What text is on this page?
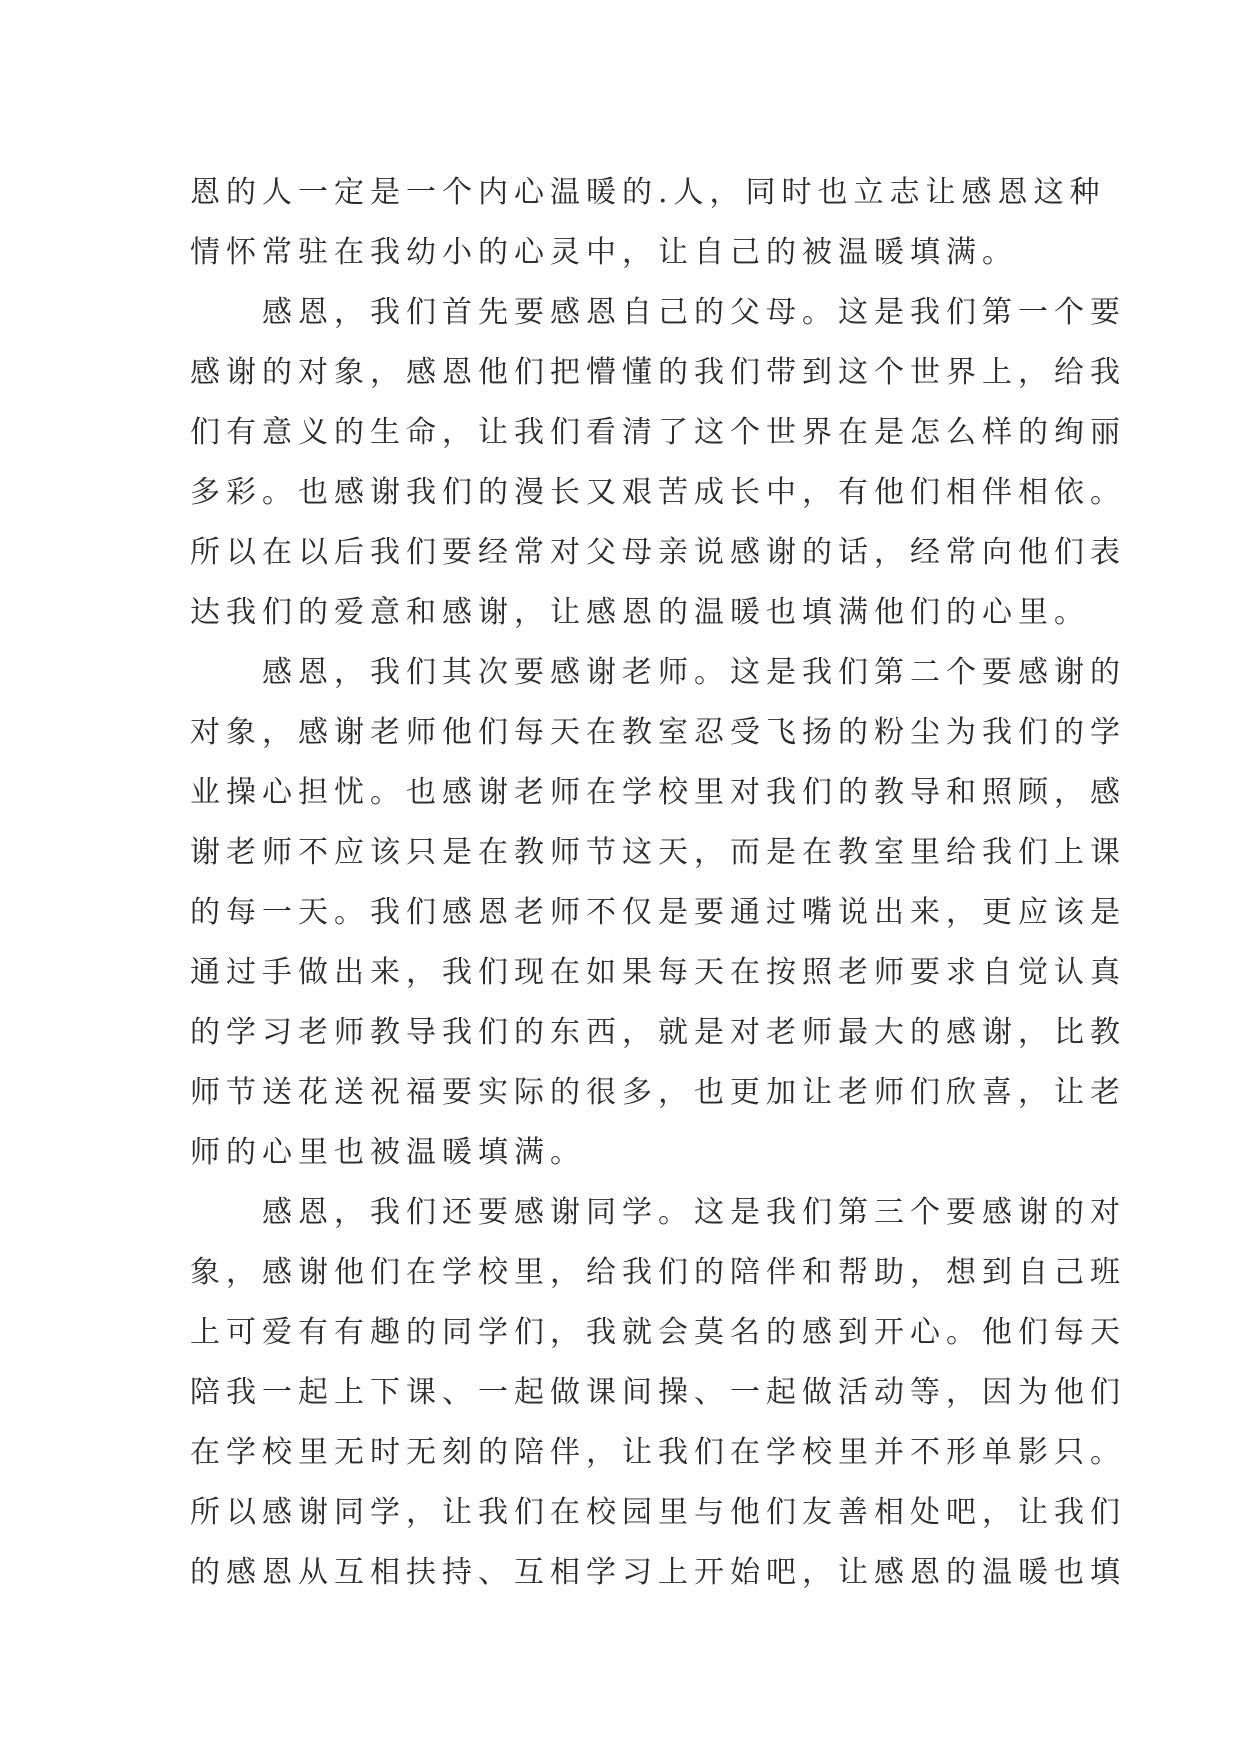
恩的人一定是一个内心温暖的.人，同时也立志让感恩这种
情怀常驻在我幼小的心灵中，让自己的被温暖填满。
感恩，我们首先要感恩自己的父母。这是我们第一个要
感谢的对象，感恩他们把懵懂的我们带到这个世界上，给我
们有意义的生命，让我们看清了这个世界在是怎么样的绚丽
多彩。也感谢我们的漫长又艰苦成长中，有他们相伴相依。
所以在以后我们要经常对父母亲说感谢的话，经常向他们表
达我们的爱意和感谢，让感恩的温暖也填满他们的心里。
感恩，我们其次要感谢老师。这是我们第二个要感谢的
对象，感谢老师他们每天在教室忍受飞扬的粉尘为我们的学
业操心担忧。也感谢老师在学校里对我们的教导和照顾，感
谢老师不应该只是在教师节这天，而是在教室里给我们上课
的每一天。我们感恩老师不仅是要通过嘴说出来，更应该是
通过手做出来，我们现在如果每天在按照老师要求自觉认真
的学习老师教导我们的东西，就是对老师最大的感谢，比教
师节送花送祝福要实际的很多，也更加让老师们欣喜，让老
师的心里也被温暖填满。
感恩，我们还要感谢同学。这是我们第三个要感谢的对
象，感谢他们在学校里，给我们的陪伴和帮助，想到自己班
上可爱有有趣的同学们，我就会莫名的感到开心。他们每天
陪我一起上下课、一起做课间操、一起做活动等，因为他们
在学校里无时无刻的陪伴，让我们在学校里并不形单影只。
所以感谢同学，让我们在校园里与他们友善相处吧，让我们
的感恩从互相扶持、互相学习上开始吧，让感恩的温暖也填
